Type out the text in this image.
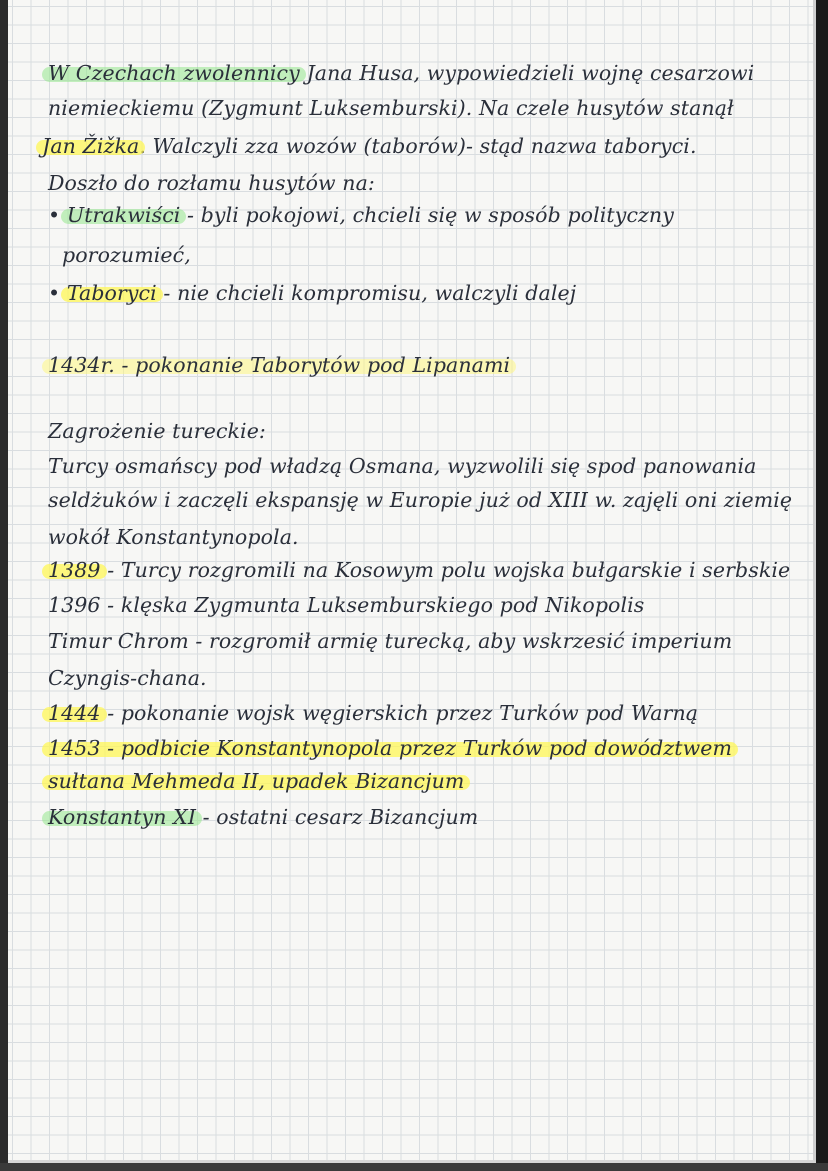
W Czechach zwolennicy Jana Husa, wypowiedzieli wojnę cesarzowi

niemieckiemu (Zygmunt Luksemburski). Na czele husytów stanął

Jan Žižka. Walczyli zza wozów (taborów)- stąd nazwa taboryci.

Doszło do rozłamu husytów na:

• Utrakwiści - byli pokojowi, chcieli się w sposób polityczny

porozumieć,

• Taboryci - nie chcieli kompromisu, walczyli dalej

1434r. - pokonanie Taborytów pod Lipanami

Zagrożenie tureckie:

Turcy osmańscy pod władzą Osmana, wyzwolili się spod panowania

seldżuków i zaczęli ekspansję w Europie już od XIII w. zajęli oni ziemię

wokół Konstantynopola.

1389 - Turcy rozgromili na Kosowym polu wojska bułgarskie i serbskie

1396 - klęska Zygmunta Luksemburskiego pod Nikopolis

Timur Chrom - rozgromił armię turecką, aby wskrzesić imperium

Czyngis-chana.

1444 - pokonanie wojsk węgierskich przez Turków pod Warną

1453 - podbicie Konstantynopola przez Turków pod dowództwem

sułtana Mehmeda II, upadek Bizancjum

Konstantyn XI - ostatni cesarz Bizancjum
